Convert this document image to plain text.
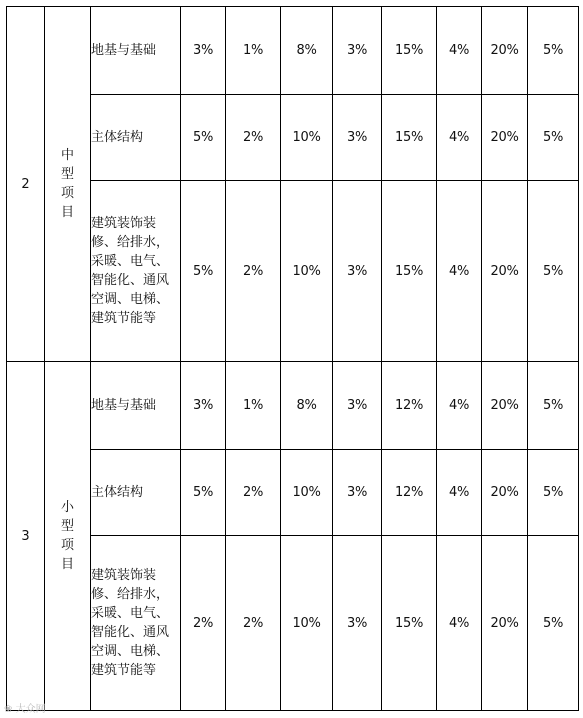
2	中型项目	地基与基础	3%	1%	8%	3%	15%	4%	20%	5%

		主体结构	5%	2%	10%	3%	15%	4%	20%	5%

		建筑装饰装修、给排水，采暖、电气、智能化、通风空调、电梯、建筑节能等	5%	2%	10%	3%	15%	4%	20%	5%
3	小型项目	地基与基础	3%	1%	8%	3%	12%	4%	20%	5%

		主体结构	5%	2%	10%	3%	12%	4%	20%	5%

		建筑装饰装修、给排水，采暖、电气、智能化、通风空调、电梯、建筑节能等	2%	2%	10%	3%	15%	4%	20%	5%
❀ 大众网
